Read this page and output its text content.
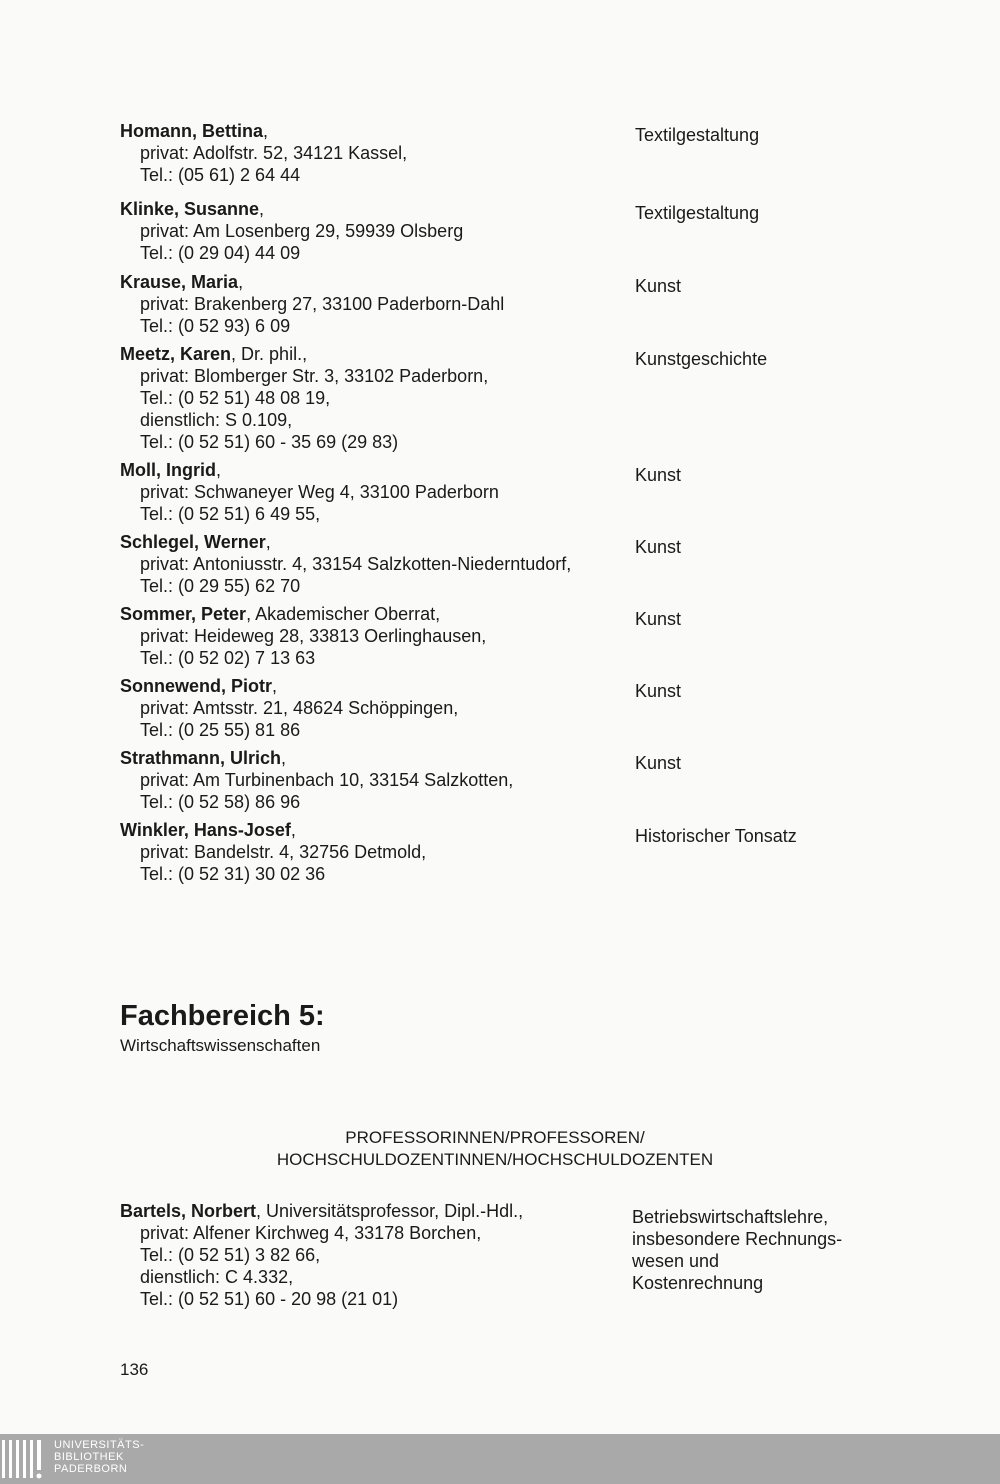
Homann, Bettina,

privat: Adolfstr. 52, 34121 Kassel,

Tel.: (05 61) 2 64 44

Textilgestaltung

Klinke, Susanne,

privat: Am Losenberg 29, 59939 Olsberg

Tel.: (0 29 04) 44 09

Textilgestaltung

Krause, Maria,

privat: Brakenberg 27, 33100 Paderborn-Dahl

Tel.: (0 52 93) 6 09

Kunst

Meetz, Karen, Dr. phil.,

privat: Blomberger Str. 3, 33102 Paderborn,

Tel.: (0 52 51) 48 08 19,

dienstlich: S 0.109,

Tel.: (0 52 51) 60 - 35 69 (29 83)

Kunstgeschichte

Moll, Ingrid,

privat: Schwaneyer Weg 4, 33100 Paderborn

Tel.: (0 52 51) 6 49 55,

Kunst

Schlegel, Werner,

privat: Antoniusstr. 4, 33154 Salzkotten-Niederntudorf,

Tel.: (0 29 55) 62 70

Kunst

Sommer, Peter, Akademischer Oberrat,

privat: Heideweg 28, 33813 Oerlinghausen,

Tel.: (0 52 02) 7 13 63

Kunst

Sonnewend, Piotr,

privat: Amtsstr. 21, 48624 Schöppingen,

Tel.: (0 25 55) 81 86

Kunst

Strathmann, Ulrich,

privat: Am Turbinenbach 10, 33154 Salzkotten,

Tel.: (0 52 58) 86 96

Kunst

Winkler, Hans-Josef,

privat: Bandelstr. 4, 32756 Detmold,

Tel.: (0 52 31) 30 02 36

Historischer Tonsatz
Fachbereich 5:

Wirtschaftswissenschaften

PROFESSORINNEN/PROFESSOREN/
HOCHSCHULDOZENTINNEN/HOCHSCHULDOZENTEN

Bartels, Norbert, Universitätsprofessor, Dipl.-Hdl.,

privat: Alfener Kirchweg 4, 33178 Borchen,

Tel.: (0 52 51) 3 82 66,

dienstlich: C 4.332,

Tel.: (0 52 51) 60 - 20 98 (21 01)

Betriebswirtschaftslehre,
insbesondere Rechnungs-
wesen und
Kostenrechnung
136
UNIVERSITÄTS-
BIBLIOTHEK
PADERBORN
